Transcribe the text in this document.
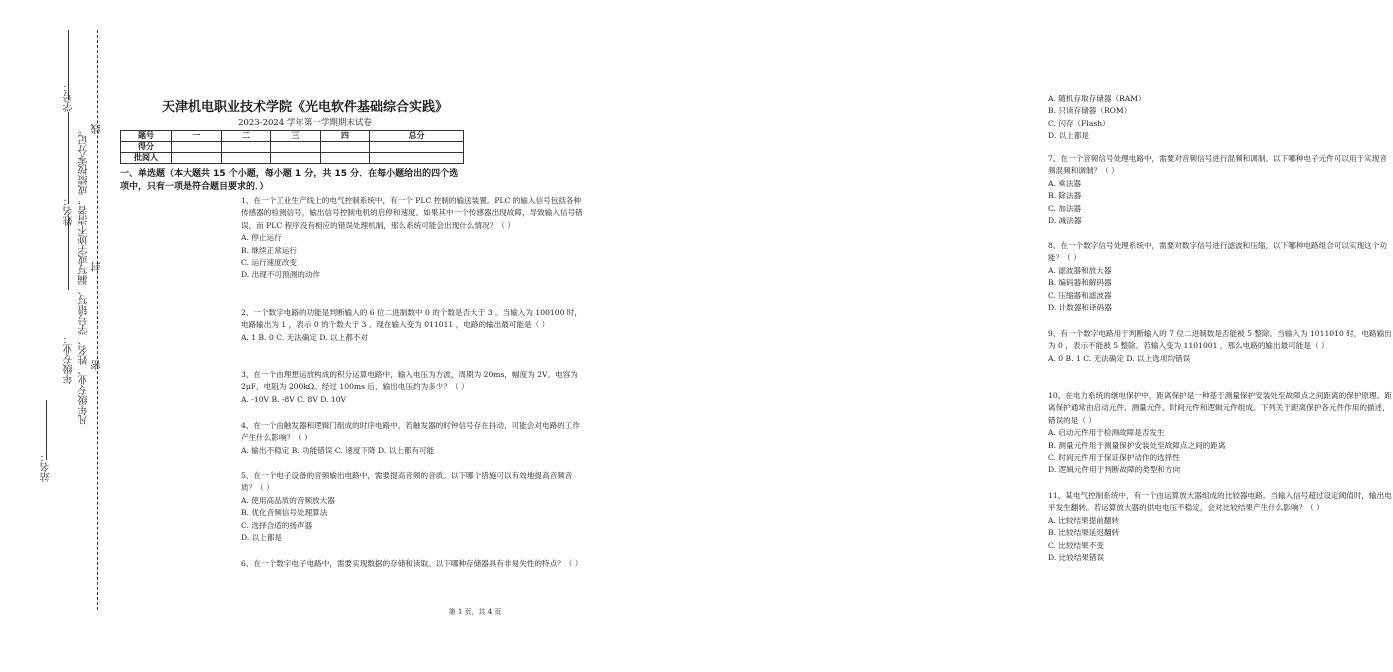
线
封
密
凡年级专业、姓名、学号错写、漏写或字迹不清者，成绩按零分记。
学号：
姓名：
年级专业：
站名：
天津机电职业技术学院《光电软件基础综合实践》
2023-2024 学年第一学期期末试卷
题号	一	二	三	四	总分
得分					
批阅人					
一、单选题（本大题共 15 个小题，每小题 1 分，共 15 分．在每小题给出的四个选项中，只有一项是符合题目要求的．）

1、在一个工业生产线上的电气控制系统中，有一个 PLC 控制的输送装置。PLC 的输入信号包括各种传感器的检测信号，输出信号控制电机的启停和速度。如果其中一个传感器出现故障，导致输入信号错误，而 PLC 程序没有相应的错误处理机制，那么系统可能会出现什么情况？（ ）

A. 停止运行
B. 继续正常运行
C. 运行速度改变
D. 出现不可预测的动作

2、一个数字电路的功能是判断输入的 6 位二进制数中 0 的个数是否大于 3 。当输入为 100100 时，电路输出为 1 ，表示 0 的个数大于 3 。现在输入变为 011011 ，电路的输出最可能是（ ）

A. 1 B. 0 C. 无法确定 D. 以上都不对

3、在一个由理想运放构成的积分运算电路中，输入电压为方波，周期为 20ms，幅度为 2V。电容为 2μF，电阻为 200kΩ。经过 100ms 后，输出电压约为多少？（ ）

A. -10V B. -8V C. 8V D. 10V

4、在一个由触发器和逻辑门组成的时序电路中，若触发器的时钟信号存在抖动，可能会对电路的工作产生什么影响？（ ）

A. 输出不稳定 B. 功能错误 C. 速度下降 D. 以上都有可能

5、在一个电子设备的音频输出电路中，需要提高音频的音质。以下哪个措施可以有效地提高音频音质？（ ）

A. 使用高品质的音频放大器
B. 优化音频信号处理算法
C. 选择合适的扬声器
D. 以上都是

6、在一个数字电子电路中，需要实现数据的存储和读取。以下哪种存储器具有非易失性的特点？（ ）

A. 随机存取存储器（RAM）
B. 只读存储器（ROM）
C. 闪存（Flash）
D. 以上都是

7、在一个音频信号处理电路中，需要对音频信号进行混频和调制。以下哪种电子元件可以用于实现音频混频和调制？（ ）

A. 乘法器
B. 除法器
C. 加法器
D. 减法器

8、在一个数字信号处理系统中，需要对数字信号进行滤波和压缩，以下哪种电路组合可以实现这个功能？（ ）

A. 滤波器和放大器
B. 编码器和解码器
C. 压缩器和滤波器
D. 计数器和译码器

9、有一个数字电路用于判断输入的 7 位二进制数是否能被 5 整除。当输入为 1011010 时，电路输出为 0 ，表示不能被 5 整除。若输入变为 1101001 ，那么电路的输出最可能是（ ）

A. 0 B. 1 C. 无法确定 D. 以上选项均错误

10、在电力系统的继电保护中，距离保护是一种基于测量保护安装处至故障点之间距离的保护原理。距离保护通常由启动元件、测量元件、时间元件和逻辑元件组成。下列关于距离保护各元件作用的描述，错误的是（ ）

A. 启动元件用于检测故障是否发生
B. 测量元件用于测量保护安装处至故障点之间的距离
C. 时间元件用于保证保护动作的选择性
D. 逻辑元件用于判断故障的类型和方向

11、某电气控制系统中，有一个由运算放大器组成的比较器电路。当输入信号超过设定阈值时，输出电平发生翻转。若运算放大器的供电电压不稳定，会对比较结果产生什么影响？（ ）

A. 比较结果提前翻转
B. 比较结果延迟翻转
C. 比较结果不变
D. 比较结果错误
第 1 页，共 4 页
